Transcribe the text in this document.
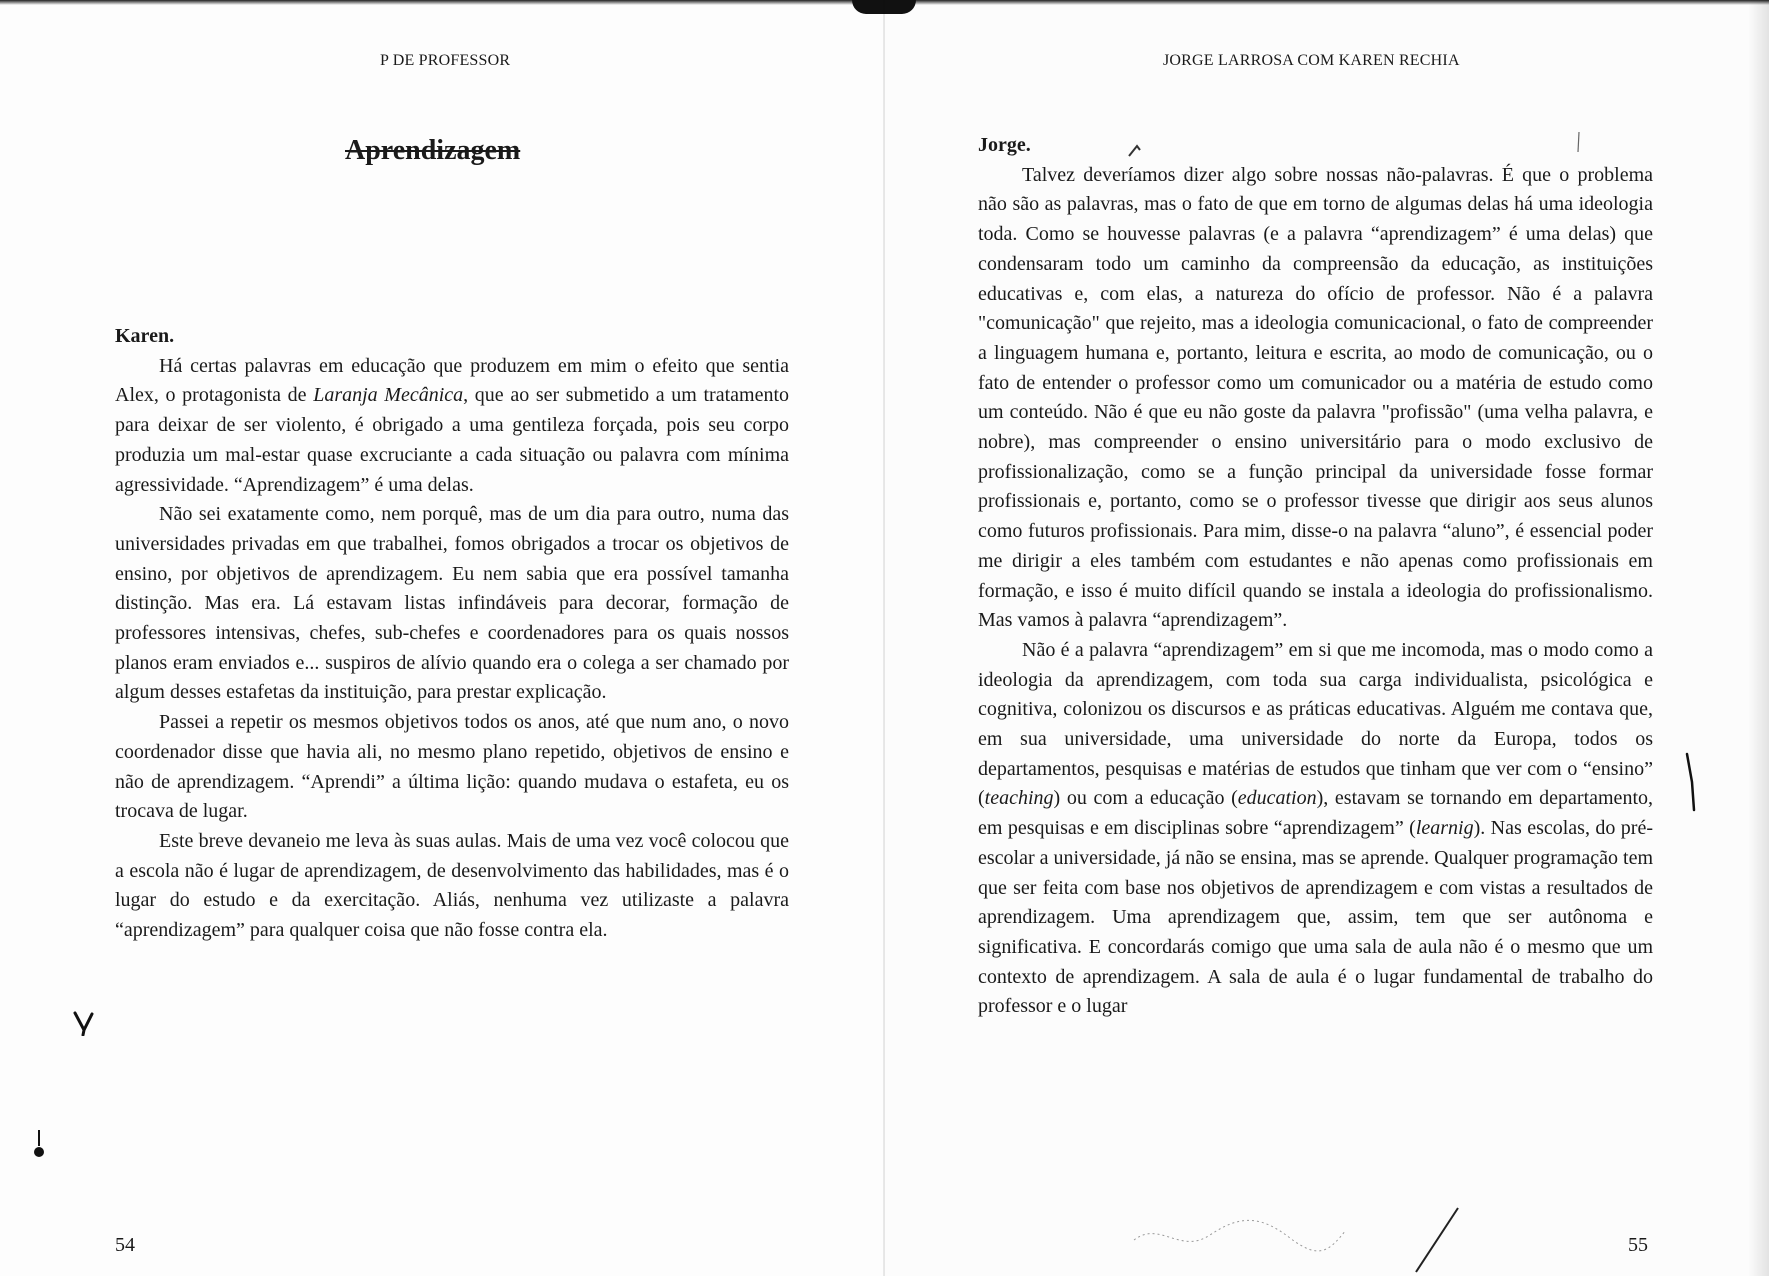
P DE PROFESSOR
Aprendizagem

Karen.

Há certas palavras em educação que produzem em mim o efeito que sentia Alex, o protagonista de Laranja Mecânica, que ao ser submetido a um tratamento para deixar de ser violento, é obrigado a uma gentileza forçada, pois seu corpo produzia um mal-estar quase excruciante a cada situação ou palavra com mínima agressividade. “Aprendizagem” é uma delas.

Não sei exatamente como, nem porquê, mas de um dia para outro, numa das universidades privadas em que trabalhei, fomos obrigados a trocar os objetivos de ensino, por objetivos de aprendizagem. Eu nem sabia que era possível tamanha distinção. Mas era. Lá estavam listas infindáveis para decorar, formação de professores intensivas, chefes, sub-chefes e coordenadores para os quais nossos planos eram enviados e... suspiros de alívio quando era o colega a ser chamado por algum desses estafetas da instituição, para prestar explicação.

Passei a repetir os mesmos objetivos todos os anos, até que num ano, o novo coordenador disse que havia ali, no mesmo plano repetido, objetivos de ensino e não de aprendizagem. “Aprendi” a última lição: quando mudava o estafeta, eu os trocava de lugar.

Este breve devaneio me leva às suas aulas. Mais de uma vez você colocou que a escola não é lugar de aprendizagem, de desenvolvimento das habilidades, mas é o lugar do estudo e da exercitação. Aliás, nenhuma vez utilizaste a palavra “aprendizagem” para qualquer coisa que não fosse contra ela.

54

JORGE LARROSA COM KAREN RECHIA

Jorge.

Talvez deveríamos dizer algo sobre nossas não-palavras. É que o problema não são as palavras, mas o fato de que em torno de algumas delas há uma ideologia toda. Como se houvesse palavras (e a palavra “aprendizagem” é uma delas) que condensaram todo um caminho da compreensão da educação, as instituições educativas e, com elas, a natureza do ofício de professor. Não é a palavra "comunicação" que rejeito, mas a ideologia comunicacional, o fato de compreender a linguagem humana e, portanto, leitura e escrita, ao modo de comunicação, ou o fato de entender o professor como um comunicador ou a matéria de estudo como um conteúdo. Não é que eu não goste da palavra "profissão" (uma velha palavra, e nobre), mas compreender o ensino universitário para o modo exclusivo de profissionalização, como se a função principal da universidade fosse formar profissionais e, portanto, como se o professor tivesse que dirigir aos seus alunos como futuros profissionais. Para mim, disse-o na palavra “aluno”, é essencial poder me dirigir a eles também com estudantes e não apenas como profissionais em formação, e isso é muito difícil quando se instala a ideologia do profissionalismo. Mas vamos à palavra “aprendizagem”.

Não é a palavra “aprendizagem” em si que me incomoda, mas o modo como a ideologia da aprendizagem, com toda sua carga individualista, psicológica e cognitiva, colonizou os discursos e as práticas educativas. Alguém me contava que, em sua universidade, uma universidade do norte da Europa, todos os departamentos, pesquisas e matérias de estudos que tinham que ver com o “ensino” (teaching) ou com a educação (education), estavam se tornando em departamento, em pesquisas e em disciplinas sobre “aprendizagem” (learnig). Nas escolas, do pré-escolar a universidade, já não se ensina, mas se aprende. Qualquer programação tem que ser feita com base nos objetivos de aprendizagem e com vistas a resultados de aprendizagem. Uma aprendizagem que, assim, tem que ser autônoma e significativa. E concordarás comigo que uma sala de aula não é o mesmo que um contexto de aprendizagem. A sala de aula é o lugar fundamental de trabalho do professor e o lugar

55
